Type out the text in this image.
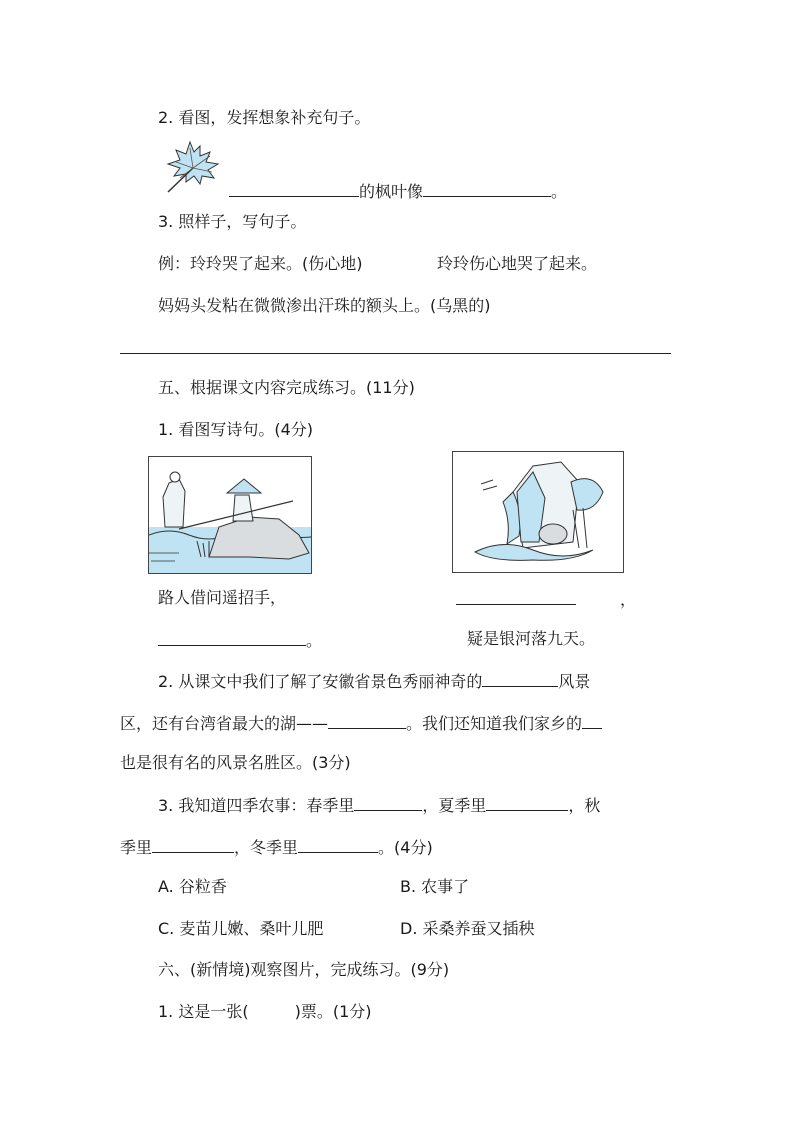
2. 看图，发挥想象补充句子。
的枫叶像	。
3. 照样子，写句子。
例：玲玲哭了起来。(伤心地)	玲玲伤心地哭了起来。
妈妈头发粘在微微渗出汗珠的额头上。(乌黑的)
五、根据课文内容完成练习。(11分)
1. 看图写诗句。(4分)
路人借问遥招手，	，
。	疑是银河落九天。
2. 从课文中我们了解了安徽省景色秀丽神奇的	风景
区，还有台湾省最大的湖——	。我们还知道我们家乡的
也是很有名的风景名胜区。(3分)
3. 我知道四季农事：春季里	，夏季里	，秋
季里	，冬季里	。(4分)
A. 谷粒香	B. 农事了
C. 麦苗儿嫩、桑叶儿肥	D. 采桑养蚕又插秧
六、(新情境)观察图片，完成练习。(9分)
1. 这是一张(	)票。(1分)
